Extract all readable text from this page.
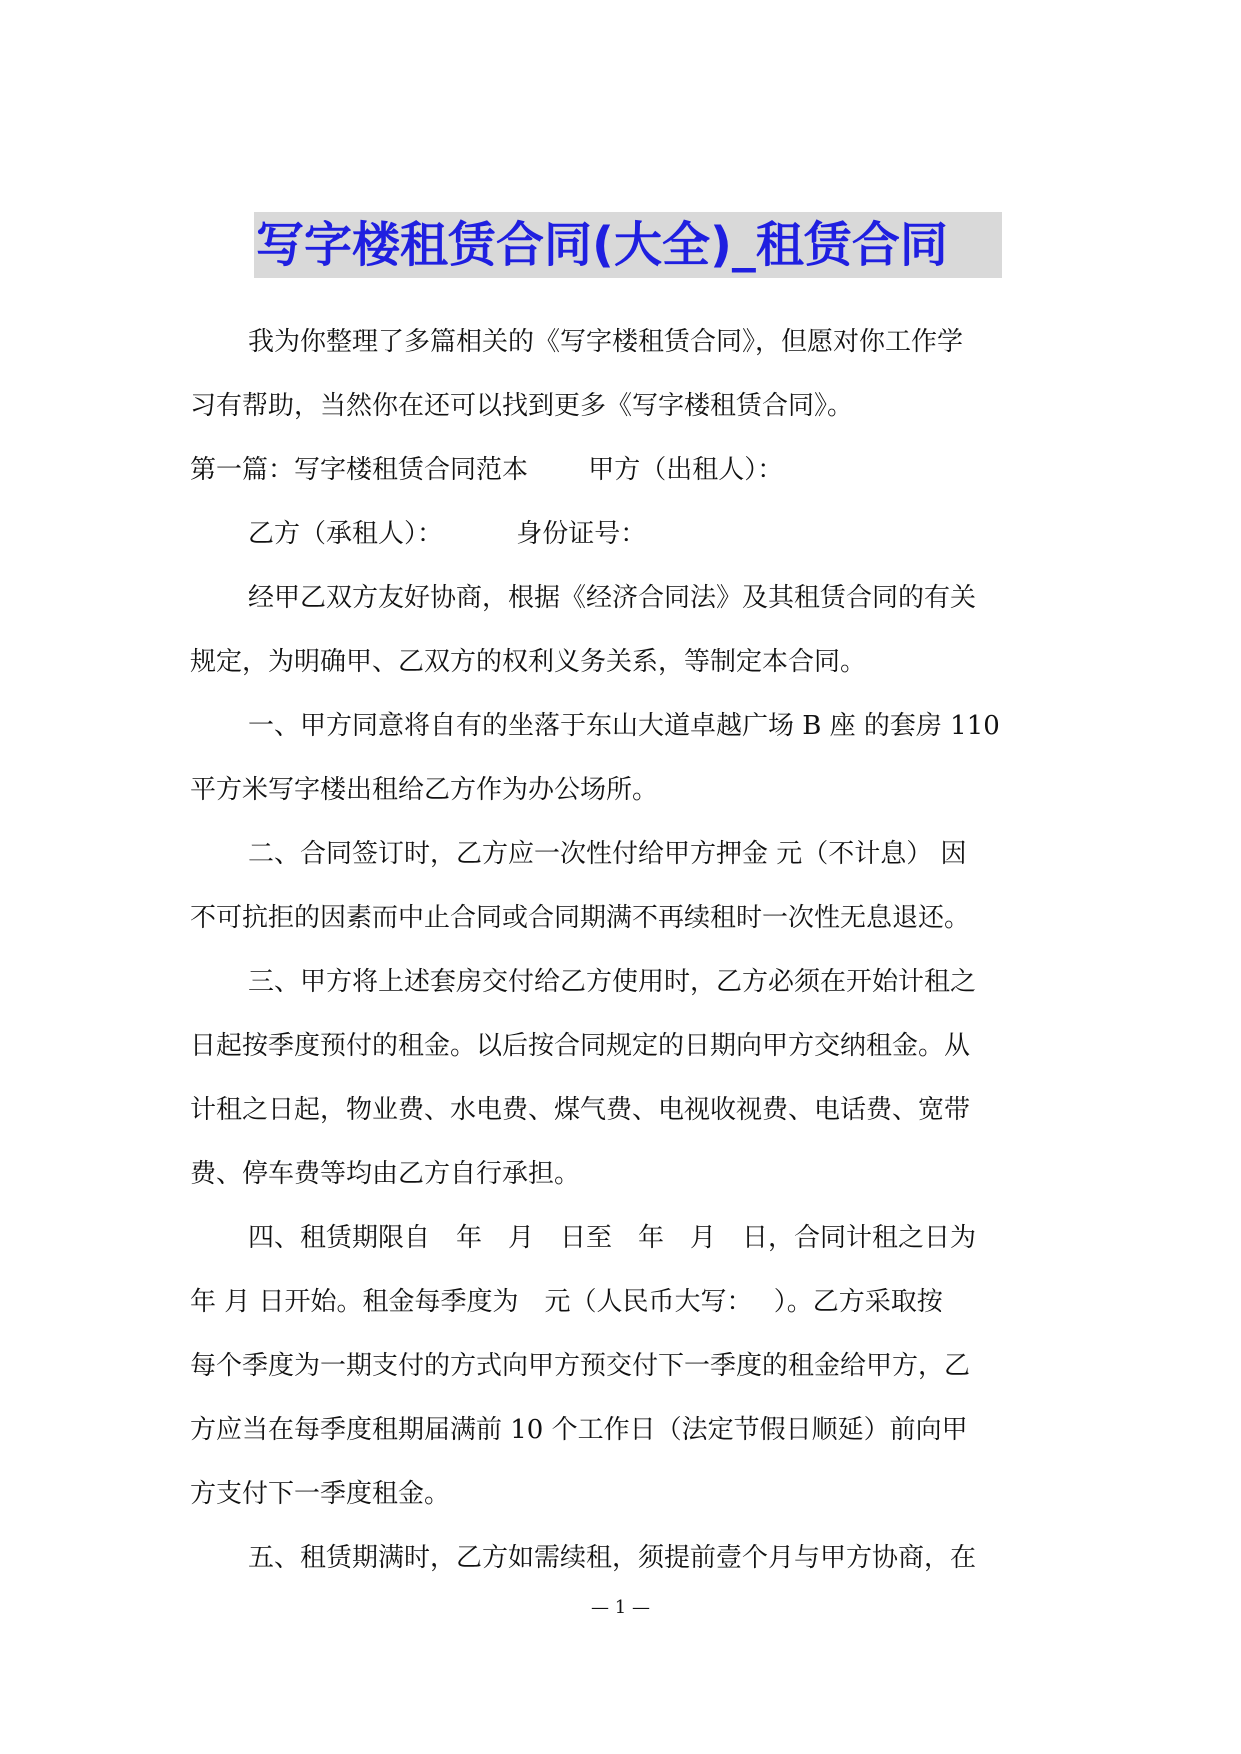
写字楼租赁合同(大全)_租赁合同
我为你整理了多篇相关的《写字楼租赁合同》，但愿对你工作学
习有帮助，当然你在还可以找到更多《写字楼租赁合同》。
第一篇：写字楼租赁合同范本　　 甲方（出租人）：
乙方（承租人）：　　　 身份证号：
经甲乙双方友好协商，根据《经济合同法》及其租赁合同的有关
规定，为明确甲、乙双方的权利义务关系，等制定本合同。
一、甲方同意将自有的坐落于东山大道卓越广场 B 座 的套房 110
平方米写字楼出租给乙方作为办公场所。
二、合同签订时，乙方应一次性付给甲方押金 元（不计息） 因
不可抗拒的因素而中止合同或合同期满不再续租时一次性无息退还。
三、甲方将上述套房交付给乙方使用时，乙方必须在开始计租之
日起按季度预付的租金。以后按合同规定的日期向甲方交纳租金。从
计租之日起，物业费、水电费、煤气费、电视收视费、电话费、宽带
费、停车费等均由乙方自行承担。
四、租赁期限自　年　月　日至　年　月　日，合同计租之日为
年 月 日开始。租金每季度为　元（人民币大写：　 ）。乙方采取按
每个季度为一期支付的方式向甲方预交付下一季度的租金给甲方，乙
方应当在每季度租期届满前 10 个工作日（法定节假日顺延）前向甲
方支付下一季度租金。
五、租赁期满时，乙方如需续租，须提前壹个月与甲方协商，在
— 1 —
